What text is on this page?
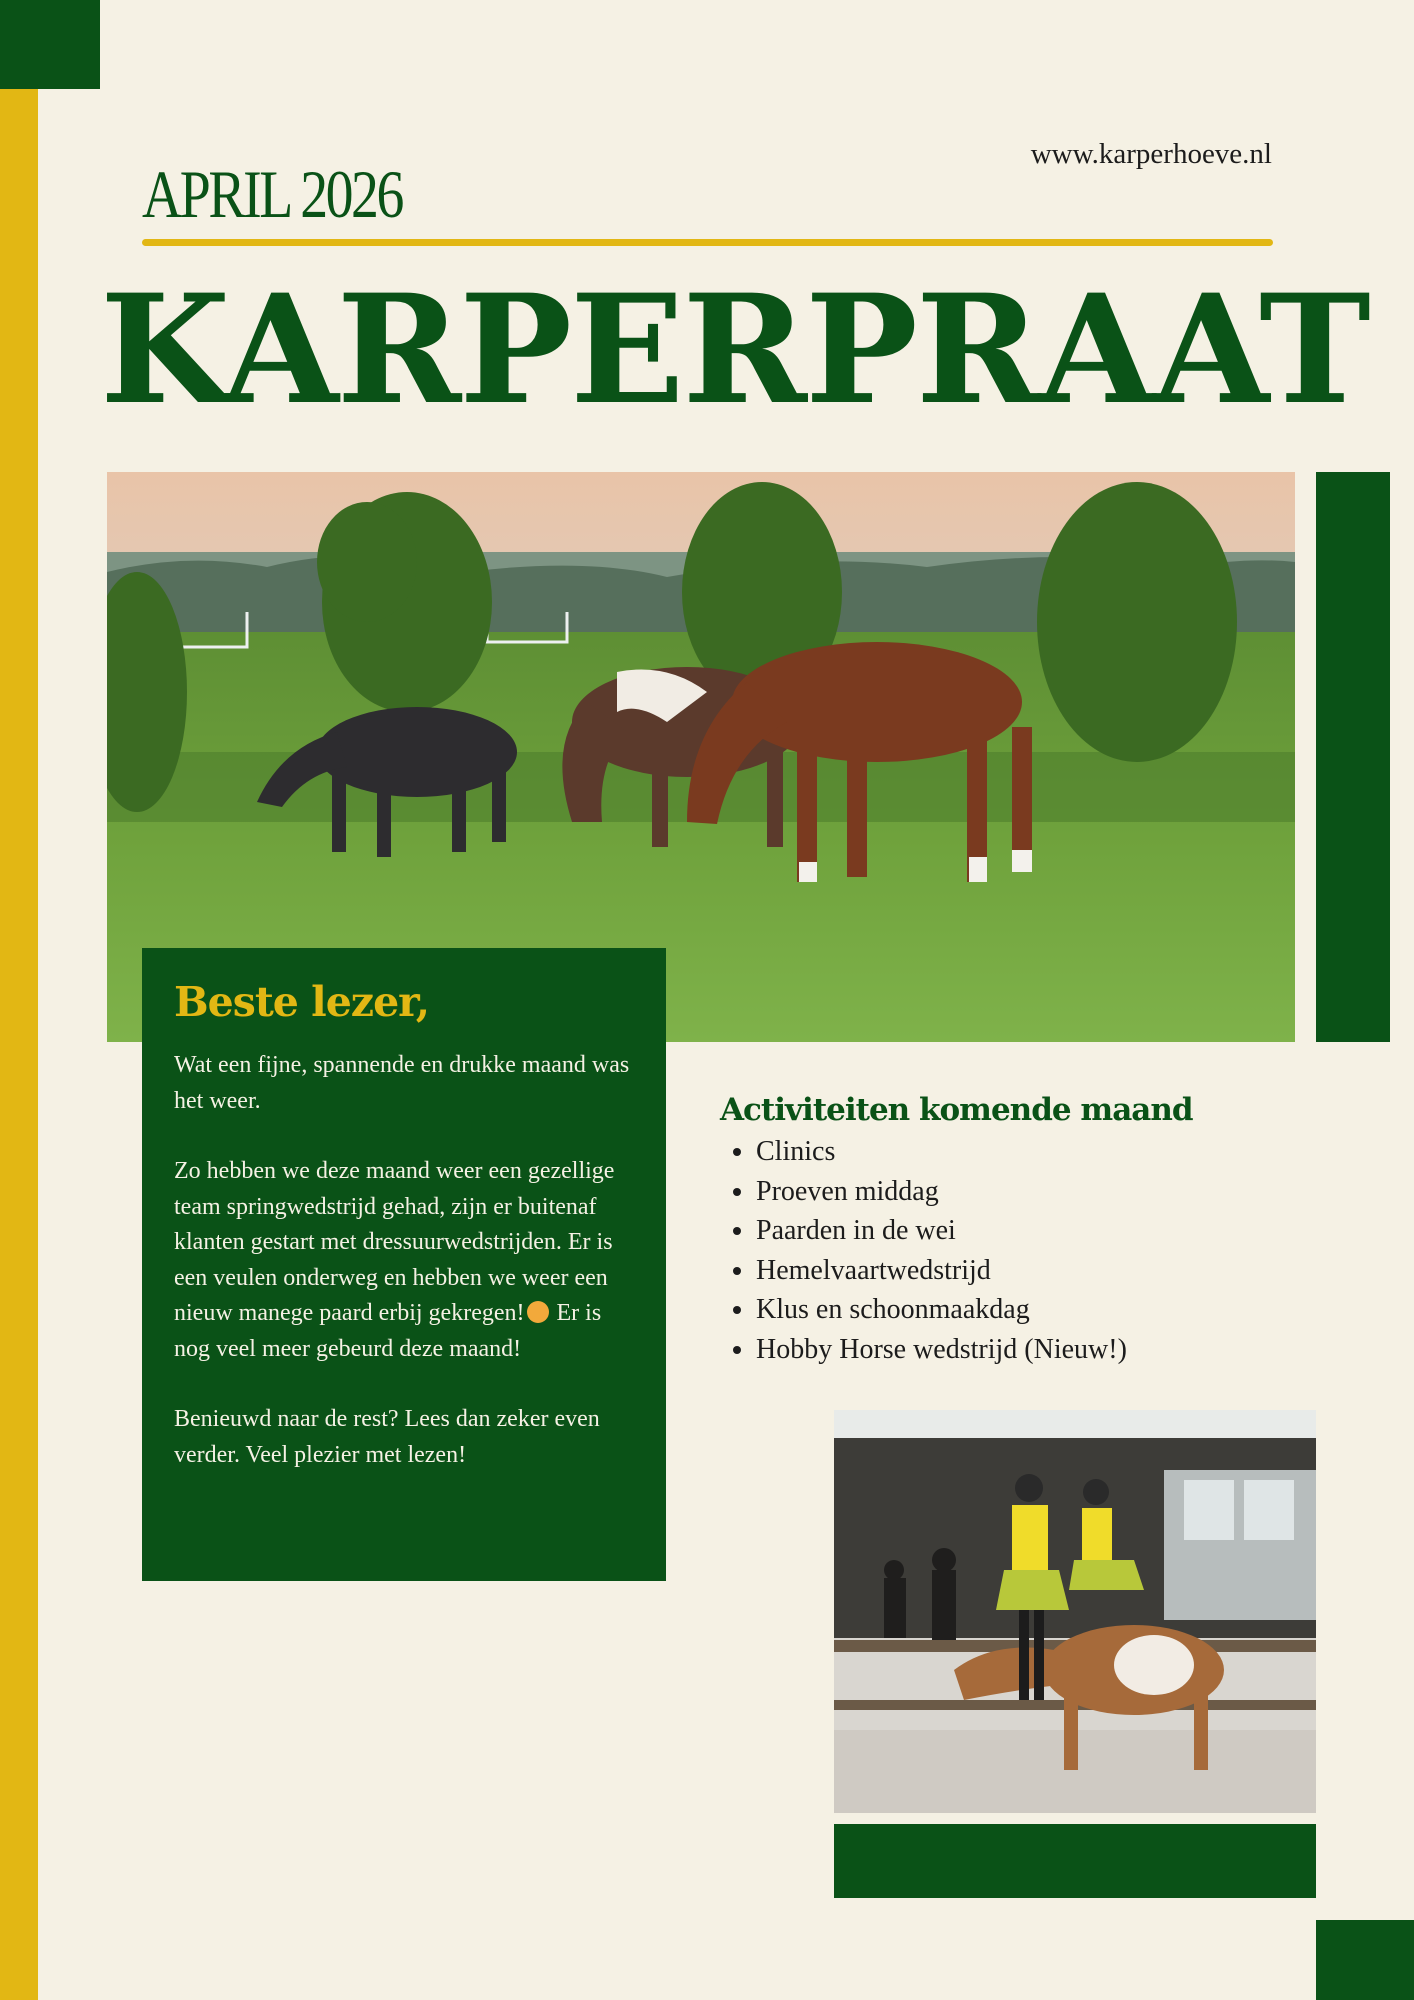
APRIL 2026
www.karperhoeve.nl
KARPERPRAAT
Beste lezer,

Wat een fijne, spannende en drukke maand was het weer.

Zo hebben we deze maand weer een gezellige team springwedstrijd gehad, zijn er buitenaf klanten gestart met dressuurwedstrijden. Er is een veulen onderweg en hebben we weer een nieuw manege paard erbij gekregen! Er is nog veel meer gebeurd deze maand!

Benieuwd naar de rest? Lees dan zeker even verder. Veel plezier met lezen!

Activiteiten komende maand
• Clinics
• Proeven middag
• Paarden in de wei
• Hemelvaartwedstrijd
• Klus en schoonmaakdag
• Hobby Horse wedstrijd (Nieuw!)
